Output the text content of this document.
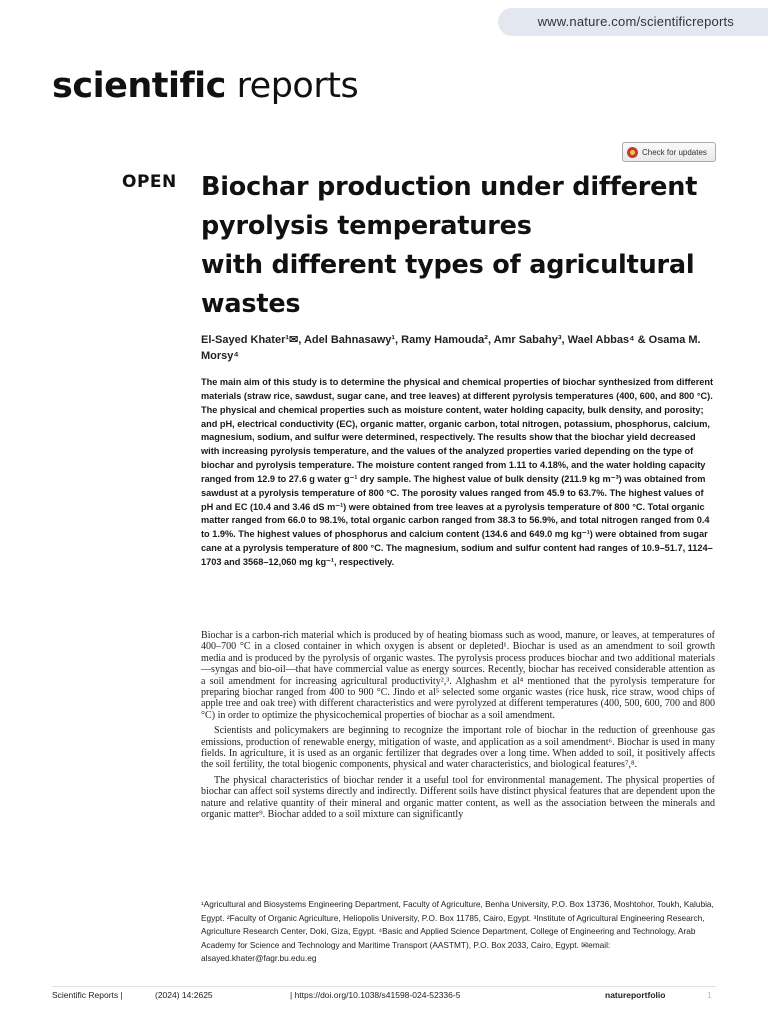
www.nature.com/scientificreports
scientific reports
Check for updates
OPEN Biochar production under different
pyrolysis temperatures
with different types of agricultural
wastes
El‑Sayed Khater¹✉, Adel Bahnasawy¹, Ramy Hamouda², Amr Sabahy³, Wael Abbas⁴ & Osama M. Morsy⁴

The main aim of this study is to determine the physical and chemical properties of biochar synthesized from different materials (straw rice, sawdust, sugar cane, and tree leaves) at different pyrolysis temperatures (400, 600, and 800 °C). The physical and chemical properties such as moisture content, water holding capacity, bulk density, and porosity; and pH, electrical conductivity (EC), organic matter, organic carbon, total nitrogen, potassium, phosphorus, calcium, magnesium, sodium, and sulfur were determined, respectively. The results show that the biochar yield decreased with increasing pyrolysis temperature, and the values of the analyzed properties varied depending on the type of biochar and pyrolysis temperature. The moisture content ranged from 1.11 to 4.18%, and the water holding capacity ranged from 12.9 to 27.6 g water g⁻¹ dry sample. The highest value of bulk density (211.9 kg m⁻³) was obtained from sawdust at a pyrolysis temperature of 800 °C. The porosity values ranged from 45.9 to 63.7%. The highest values of pH and EC (10.4 and 3.46 dS m⁻¹) were obtained from tree leaves at a pyrolysis temperature of 800 °C. Total organic matter ranged from 66.0 to 98.1%, total organic carbon ranged from 38.3 to 56.9%, and total nitrogen ranged from 0.4 to 1.9%. The highest values of phosphorus and calcium content (134.6 and 649.0 mg kg⁻¹) were obtained from sugar cane at a pyrolysis temperature of 800 °C. The magnesium, sodium and sulfur content had ranges of 10.9–51.7, 1124–1703 and 3568–12,060 mg kg⁻¹, respectively.

Biochar is a carbon-rich material which is produced by of heating biomass such as wood, manure, or leaves, at temperatures of 400–700 °C in a closed container in which oxygen is absent or depleted¹. Biochar is used as an amendment to soil growth media and is produced by the pyrolysis of organic wastes. The pyrolysis process produces biochar and two additional materials—syngas and bio-oil—that have commercial value as energy sources. Recently, biochar has received considerable attention as a soil amendment for increasing agricultural productivity²,³. Alghashm et al⁴ mentioned that the pyrolysis temperature for preparing biochar ranged from 400 to 900 °C. Jindo et al⁵ selected some organic wastes (rice husk, rice straw, wood chips of apple tree and oak tree) with different characteristics and were pyrolyzed at different temperatures (400, 500, 600, 700 and 800 °C) in order to optimize the physicochemical properties of biochar as a soil amendment.

Scientists and policymakers are beginning to recognize the important role of biochar in the reduction of greenhouse gas emissions, production of renewable energy, mitigation of waste, and application as a soil amendment⁶. Biochar is used in many fields. In agriculture, it is used as an organic fertilizer that degrades over a long time. When added to soil, it positively affects the soil fertility, the total biogenic components, physical and water characteristics, and biological features⁷,⁸.

The physical characteristics of biochar render it a useful tool for environmental management. The physical properties of biochar can affect soil systems directly and indirectly. Different soils have distinct physical features that are dependent upon the nature and relative quantity of their mineral and organic matter content, as well as the association between the minerals and organic matter⁹. Biochar added to a soil mixture can significantly

¹Agricultural and Biosystems Engineering Department, Faculty of Agriculture, Benha University, P.O. Box 13736, Moshtohor, Toukh, Kalubia, Egypt. ²Faculty of Organic Agriculture, Heliopolis University, P.O. Box 11785, Cairo, Egypt. ³Institute of Agricultural Engineering Research, Agriculture Research Center, Doki, Giza, Egypt. ⁴Basic and Applied Science Department, College of Engineering and Technology, Arab Academy for Science and Technology and Maritime Transport (AASTMT), P.O. Box 2033, Cairo, Egypt. ✉email: alsayed.khater@fagr.bu.edu.eg
Scientific Reports |	(2024) 14:2625	| https://doi.org/10.1038/s41598-024-52336-5	natureportfolio	1
